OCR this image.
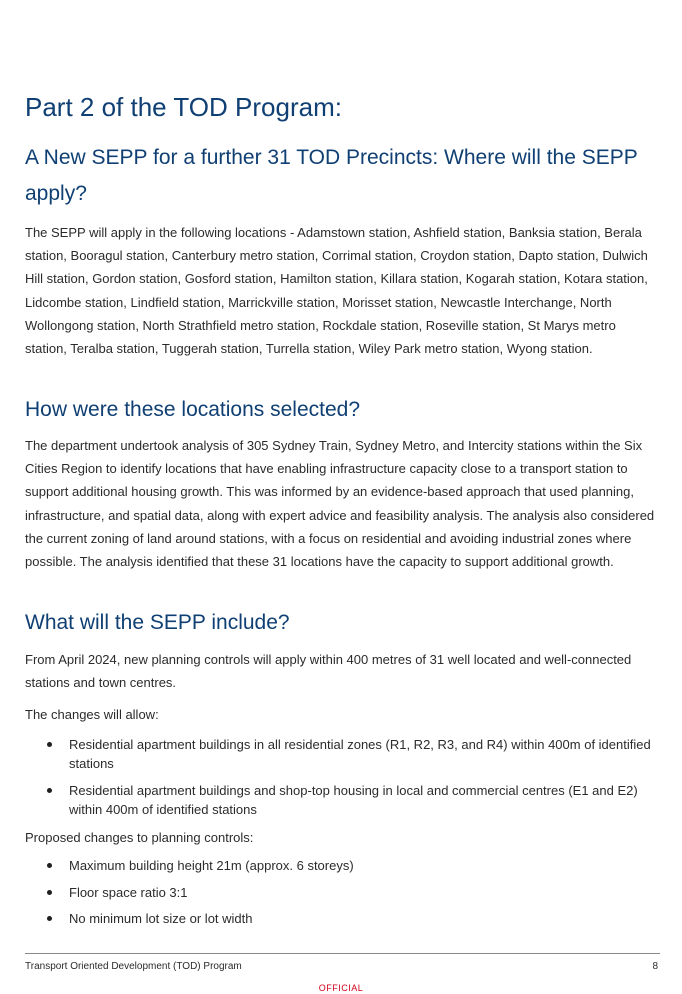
Part 2 of the TOD Program:
A New SEPP for a further 31 TOD Precincts: Where will the SEPP apply?

The SEPP will apply in the following locations - Adamstown station, Ashfield station, Banksia station, Berala station, Booragul station, Canterbury metro station, Corrimal station, Croydon station, Dapto station, Dulwich Hill station, Gordon station, Gosford station, Hamilton station, Killara station, Kogarah station, Kotara station, Lidcombe station, Lindfield station, Marrickville station, Morisset station, Newcastle Interchange, North Wollongong station, North Strathfield metro station, Rockdale station, Roseville station, St Marys metro station, Teralba station, Tuggerah station, Turrella station, Wiley Park metro station, Wyong station.

How were these locations selected?

The department undertook analysis of 305 Sydney Train, Sydney Metro, and Intercity stations within the Six Cities Region to identify locations that have enabling infrastructure capacity close to a transport station to support additional housing growth. This was informed by an evidence-based approach that used planning, infrastructure, and spatial data, along with expert advice and feasibility analysis. The analysis also considered the current zoning of land around stations, with a focus on residential and avoiding industrial zones where possible. The analysis identified that these 31 locations have the capacity to support additional growth.

What will the SEPP include?

From April 2024, new planning controls will apply within 400 metres of 31 well located and well-connected stations and town centres.

The changes will allow:

Residential apartment buildings in all residential zones (R1, R2, R3, and R4) within 400m of identified stations
Residential apartment buildings and shop-top housing in local and commercial centres (E1 and E2) within 400m of identified stations

Proposed changes to planning controls:

Maximum building height 21m (approx. 6 storeys)
Floor space ratio 3:1
No minimum lot size or lot width
Transport Oriented Development (TOD) Program	8
OFFICIAL
